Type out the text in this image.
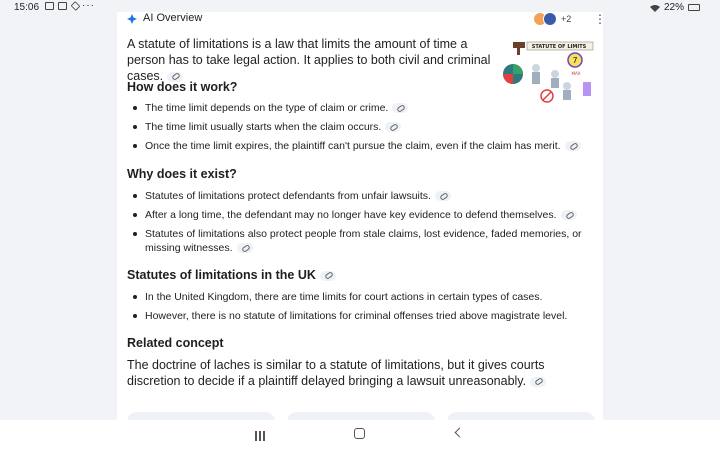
15:06	···	22%
AI Overview	+2 ⋮

A statute of limitations is a law that limits the amount of time a person has to take legal action. It applies to both civil and criminal cases.

STATUTE OF LIMITS
7
MAX
How does it work?
The time limit depends on the type of claim or crime.
The time limit usually starts when the claim occurs.
Once the time limit expires, the plaintiff can't pursue the claim, even if the claim has merit.
Why does it exist?
Statutes of limitations protect defendants from unfair lawsuits.
After a long time, the defendant may no longer have key evidence to defend themselves.
Statutes of limitations also protect people from stale claims, lost evidence, faded memories, or missing witnesses.
Statutes of limitations in the UK
In the United Kingdom, there are time limits for court actions in certain types of cases.
However, there is no statute of limitations for criminal offenses tried above magistrate level.
Related concept

The doctrine of laches is similar to a statute of limitations, but it gives courts discretion to decide if a plaintiff delayed bringing a lawsuit unreasonably.
